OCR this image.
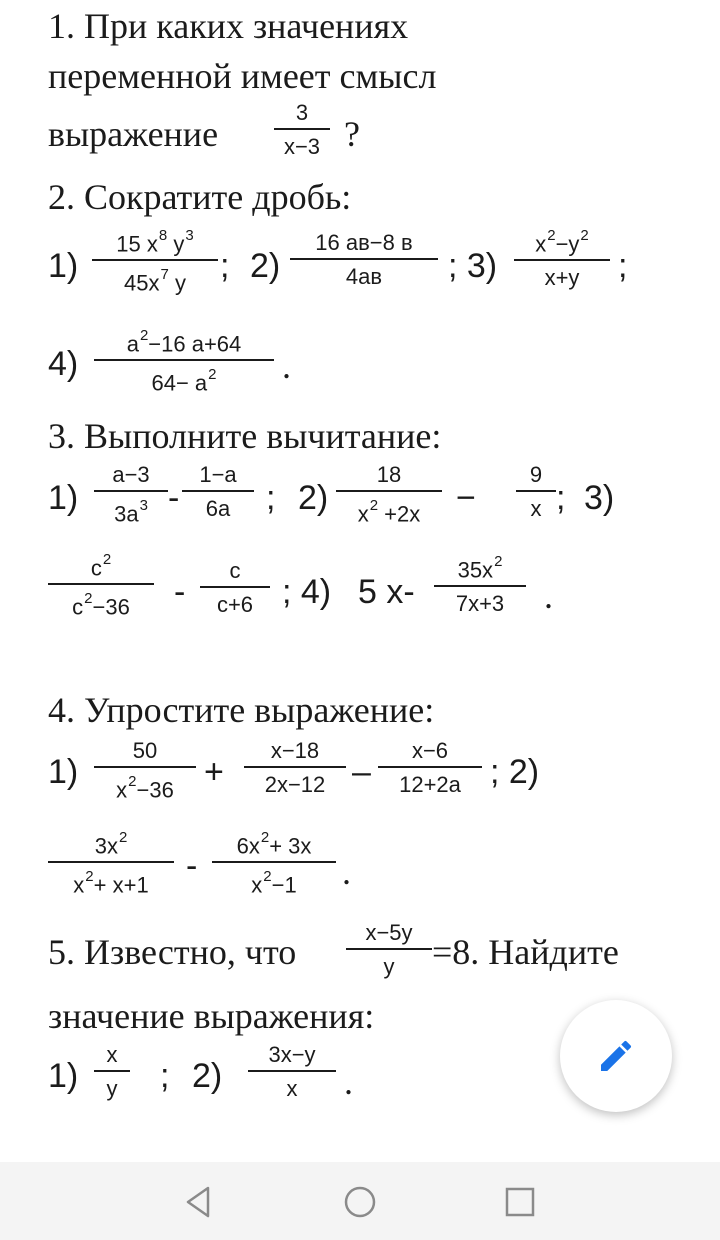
1. При каких значениях
переменной имеет смысл
выражение
3
x−3 ?
2. Сократите дробь:
1)
15 $x^8$ $y^3$
$45x^7$ y	; 2)
16 ав−8 в
4ав	; 3)
$x^2-y^2$
x+y	;
4)
$a^2-16$ a+64
$64- a^2$	.
3. Выполните вычитание:
1)
a−3
$3a^3$ -
1−a
6a	; 2)
18
$x^2 +2x$	−
9
x ; 3)
$c^2$
$c^2-36$	-
c
c+6 ; 4) 5 x-
$35x^2$
7x+3	.
4. Упростите выражение:
1)
50
$x^2-36$ +
x−18
2x−12 –
x−6
12+2a ; 2)
$3x^2$
$x^2+ x+1$
-
$6x^2+ 3x$
$x^2-1$	.
5. Известно, что	x−5y
y	=8. Найдите
значение выражения:
1)
x
y	; 2)
3x−y
x	.
